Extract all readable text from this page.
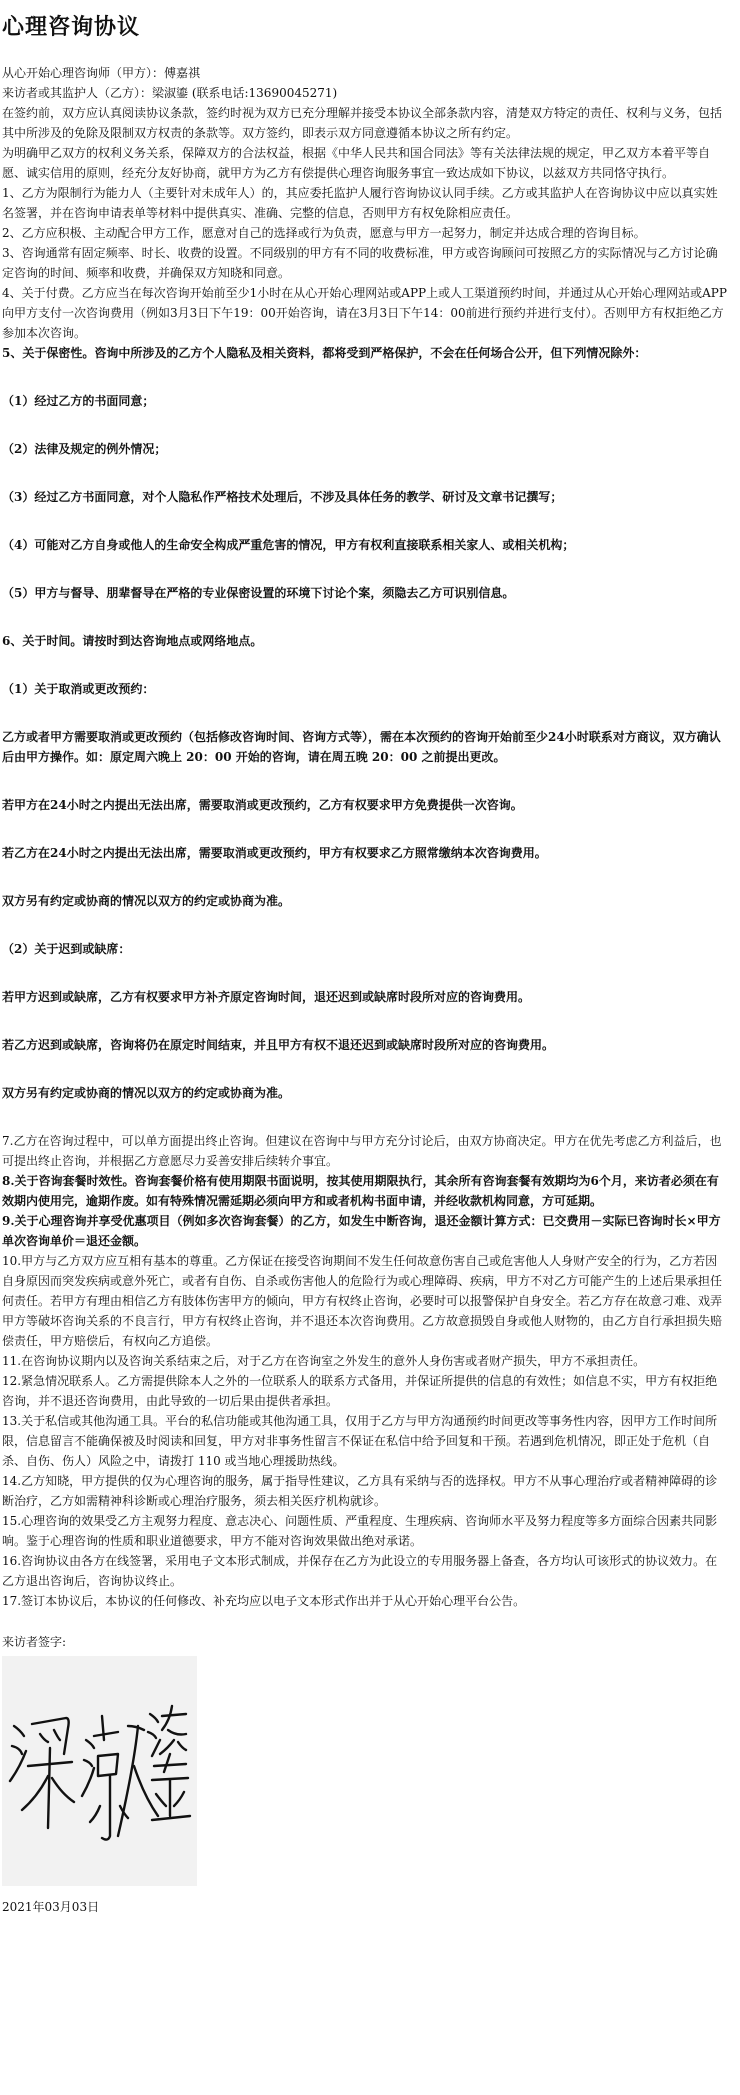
心理咨询协议

从心开始心理咨询师（甲方）：傅嘉祺

来访者或其监护人（乙方）：梁淑鎏 (联系电话:13690045271)

在签约前，双方应认真阅读协议条款，签约时视为双方已充分理解并接受本协议全部条款内容，清楚双方特定的责任、权利与义务，包括其中所涉及的免除及限制双方权责的条款等。双方签约，即表示双方同意遵循本协议之所有约定。

为明确甲乙双方的权利义务关系，保障双方的合法权益，根据《中华人民共和国合同法》等有关法律法规的规定，甲乙双方本着平等自愿、诚实信用的原则，经充分友好协商，就甲方为乙方有偿提供心理咨询服务事宜一致达成如下协议，以兹双方共同恪守执行。

1、乙方为限制行为能力人（主要针对未成年人）的，其应委托监护人履行咨询协议认同手续。乙方或其监护人在咨询协议中应以真实姓名签署，并在咨询申请表单等材料中提供真实、准确、完整的信息，否则甲方有权免除相应责任。

2、乙方应积极、主动配合甲方工作，愿意对自己的选择或行为负责，愿意与甲方一起努力，制定并达成合理的咨询目标。

3、咨询通常有固定频率、时长、收费的设置。不同级别的甲方有不同的收费标准，甲方或咨询顾问可按照乙方的实际情况与乙方讨论确定咨询的时间、频率和收费，并确保双方知晓和同意。

4、关于付费。乙方应当在每次咨询开始前至少1小时在从心开始心理网站或APP上或人工渠道预约时间，并通过从心开始心理网站或APP向甲方支付一次咨询费用（例如3月3日下午19：00开始咨询，请在3月3日下午14：00前进行预约并进行支付）。否则甲方有权拒绝乙方参加本次咨询。

5、关于保密性。咨询中所涉及的乙方个人隐私及相关资料，都将受到严格保护，不会在任何场合公开，但下列情况除外：

（1）经过乙方的书面同意；

（2）法律及规定的例外情况；

（3）经过乙方书面同意，对个人隐私作严格技术处理后，不涉及具体任务的教学、研讨及文章书记撰写；

（4）可能对乙方自身或他人的生命安全构成严重危害的情况，甲方有权利直接联系相关家人、或相关机构；

（5）甲方与督导、朋辈督导在严格的专业保密设置的环境下讨论个案，须隐去乙方可识别信息。

6、关于时间。请按时到达咨询地点或网络地点。

（1）关于取消或更改预约：

乙方或者甲方需要取消或更改预约（包括修改咨询时间、咨询方式等），需在本次预约的咨询开始前至少24小时联系对方商议，双方确认后由甲方操作。如：原定周六晚上 20：00 开始的咨询，请在周五晚 20：00 之前提出更改。

若甲方在24小时之内提出无法出席，需要取消或更改预约，乙方有权要求甲方免费提供一次咨询。

若乙方在24小时之内提出无法出席，需要取消或更改预约，甲方有权要求乙方照常缴纳本次咨询费用。

双方另有约定或协商的情况以双方的约定或协商为准。

（2）关于迟到或缺席：

若甲方迟到或缺席，乙方有权要求甲方补齐原定咨询时间，退还迟到或缺席时段所对应的咨询费用。

若乙方迟到或缺席，咨询将仍在原定时间结束，并且甲方有权不退还迟到或缺席时段所对应的咨询费用。

双方另有约定或协商的情况以双方的约定或协商为准。

7.乙方在咨询过程中，可以单方面提出终止咨询。但建议在咨询中与甲方充分讨论后，由双方协商决定。甲方在优先考虑乙方利益后，也可提出终止咨询，并根据乙方意愿尽力妥善安排后续转介事宜。

8.关于咨询套餐时效性。咨询套餐价格有使用期限书面说明，按其使用期限执行，其余所有咨询套餐有效期均为6个月，来访者必须在有效期内使用完，逾期作废。如有特殊情况需延期必须向甲方和或者机构书面申请，并经收款机构同意，方可延期。

9.关于心理咨询并享受优惠项目（例如多次咨询套餐）的乙方，如发生中断咨询，退还金额计算方式：已交费用－实际已咨询时长×甲方单次咨询单价＝退还金额。

10.甲方与乙方双方应互相有基本的尊重。乙方保证在接受咨询期间不发生任何故意伤害自己或危害他人人身财产安全的行为，乙方若因自身原因而突发疾病或意外死亡，或者有自伤、自杀或伤害他人的危险行为或心理障碍、疾病，甲方不对乙方可能产生的上述后果承担任何责任。若甲方有理由相信乙方有肢体伤害甲方的倾向，甲方有权终止咨询，必要时可以报警保护自身安全。若乙方存在故意刁难、戏弄甲方等破坏咨询关系的不良言行，甲方有权终止咨询，并不退还本次咨询费用。乙方故意损毁自身或他人财物的，由乙方自行承担损失赔偿责任，甲方赔偿后，有权向乙方追偿。

11.在咨询协议期内以及咨询关系结束之后，对于乙方在咨询室之外发生的意外人身伤害或者财产损失，甲方不承担责任。

12.紧急情况联系人。乙方需提供除本人之外的一位联系人的联系方式备用，并保证所提供的信息的有效性；如信息不实，甲方有权拒绝咨询，并不退还咨询费用，由此导致的一切后果由提供者承担。

13.关于私信或其他沟通工具。平台的私信功能或其他沟通工具，仅用于乙方与甲方沟通预约时间更改等事务性内容，因甲方工作时间所限，信息留言不能确保被及时阅读和回复，甲方对非事务性留言不保证在私信中给予回复和干预。若遇到危机情况，即正处于危机（自杀、自伤、伤人）风险之中，请拨打 110 或当地心理援助热线。

14.乙方知晓，甲方提供的仅为心理咨询的服务，属于指导性建议，乙方具有采纳与否的选择权。甲方不从事心理治疗或者精神障碍的诊断治疗，乙方如需精神科诊断或心理治疗服务，须去相关医疗机构就诊。

15.心理咨询的效果受乙方主观努力程度、意志决心、问题性质、严重程度、生理疾病、咨询师水平及努力程度等多方面综合因素共同影响。鉴于心理咨询的性质和职业道德要求，甲方不能对咨询效果做出绝对承诺。

16.咨询协议由各方在线签署，采用电子文本形式制成，并保存在乙方为此设立的专用服务器上备查，各方均认可该形式的协议效力。在乙方退出咨询后，咨询协议终止。

17.签订本协议后，本协议的任何修改、补充均应以电子文本形式作出并于从心开始心理平台公告。

来访者签字:
2021年03月03日
